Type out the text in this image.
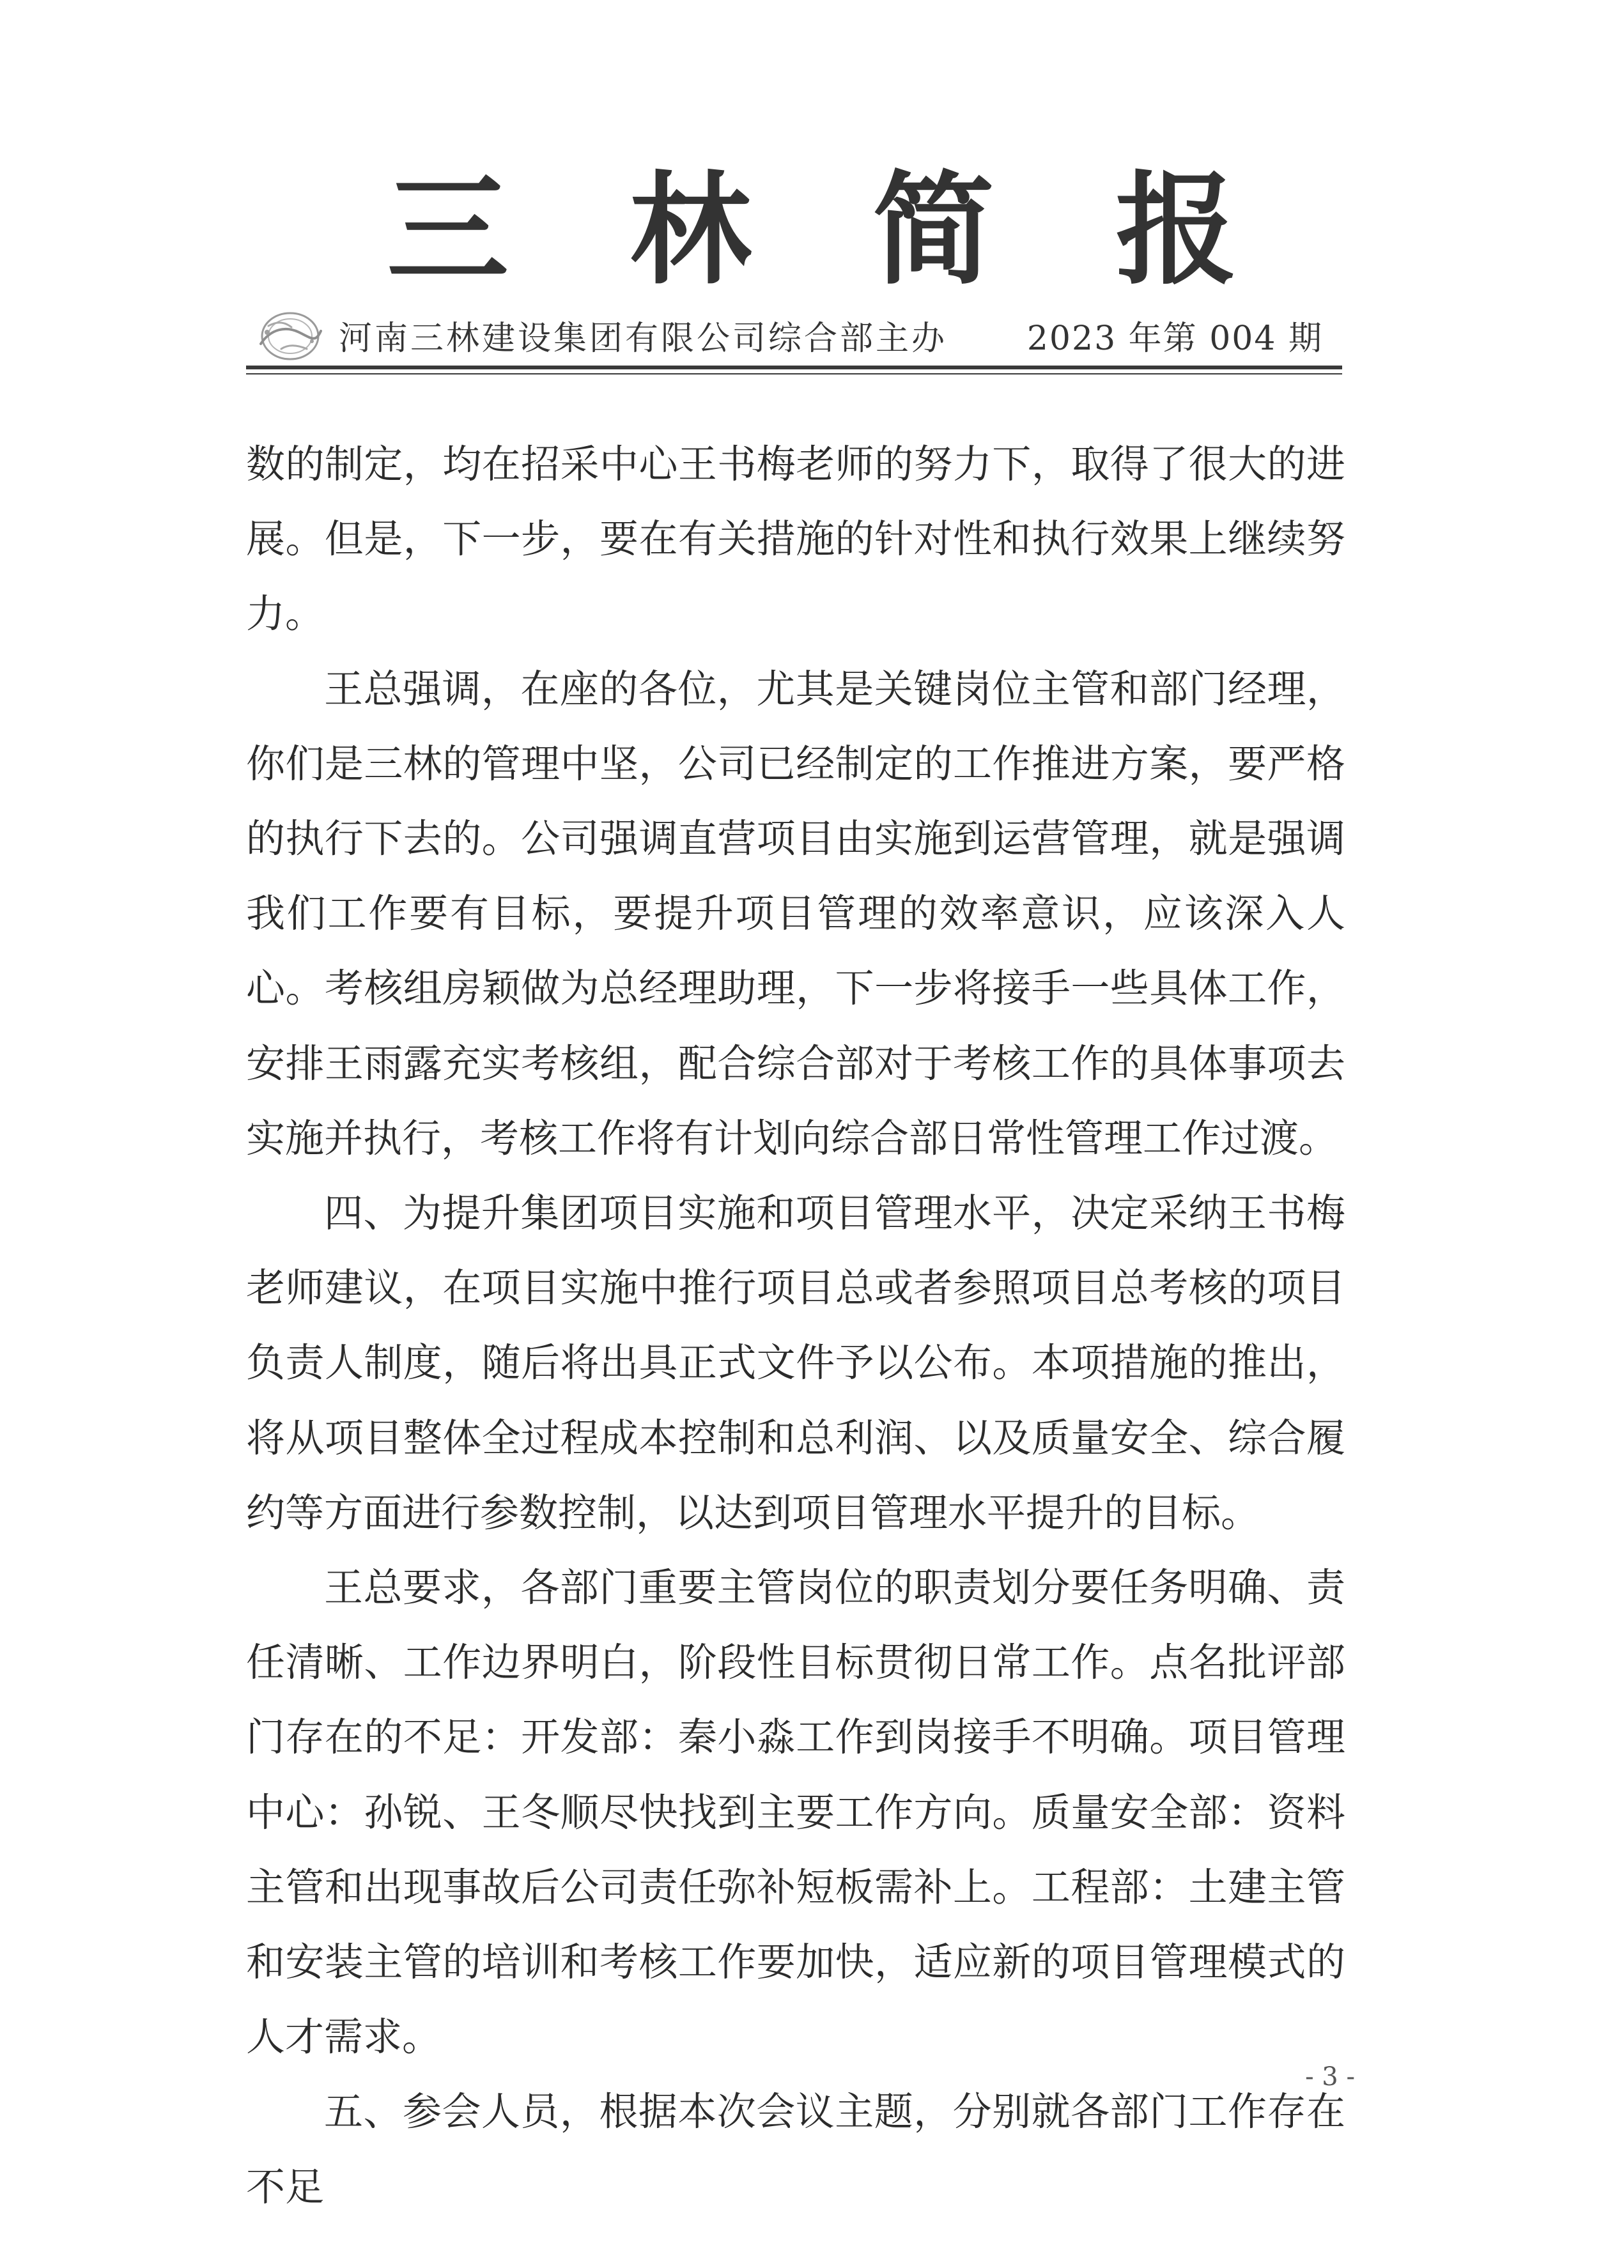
三 林 简 报
河南三林建设集团有限公司综合部主办 2023 年第 004 期

数的制定，均在招采中心王书梅老师的努力下，取得了很大的进展。但是，下一步，要在有关措施的针对性和执行效果上继续努力。

王总强调，在座的各位，尤其是关键岗位主管和部门经理，你们是三林的管理中坚，公司已经制定的工作推进方案，要严格的执行下去的。公司强调直营项目由实施到运营管理，就是强调我们工作要有目标，要提升项目管理的效率意识，应该深入人心。考核组房颖做为总经理助理，下一步将接手一些具体工作，安排王雨露充实考核组，配合综合部对于考核工作的具体事项去实施并执行，考核工作将有计划向综合部日常性管理工作过渡。

四、为提升集团项目实施和项目管理水平，决定采纳王书梅老师建议，在项目实施中推行项目总或者参照项目总考核的项目负责人制度，随后将出具正式文件予以公布。本项措施的推出，将从项目整体全过程成本控制和总利润、以及质量安全、综合履约等方面进行参数控制，以达到项目管理水平提升的目标。

王总要求，各部门重要主管岗位的职责划分要任务明确、责任清晰、工作边界明白，阶段性目标贯彻日常工作。点名批评部门存在的不足：开发部：秦小淼工作到岗接手不明确。项目管理中心：孙锐、王冬顺尽快找到主要工作方向。质量安全部：资料主管和出现事故后公司责任弥补短板需补上。工程部：土建主管和安装主管的培训和考核工作要加快，适应新的项目管理模式的人才需求。

五、参会人员，根据本次会议主题，分别就各部门工作存在不足

- 3 -
